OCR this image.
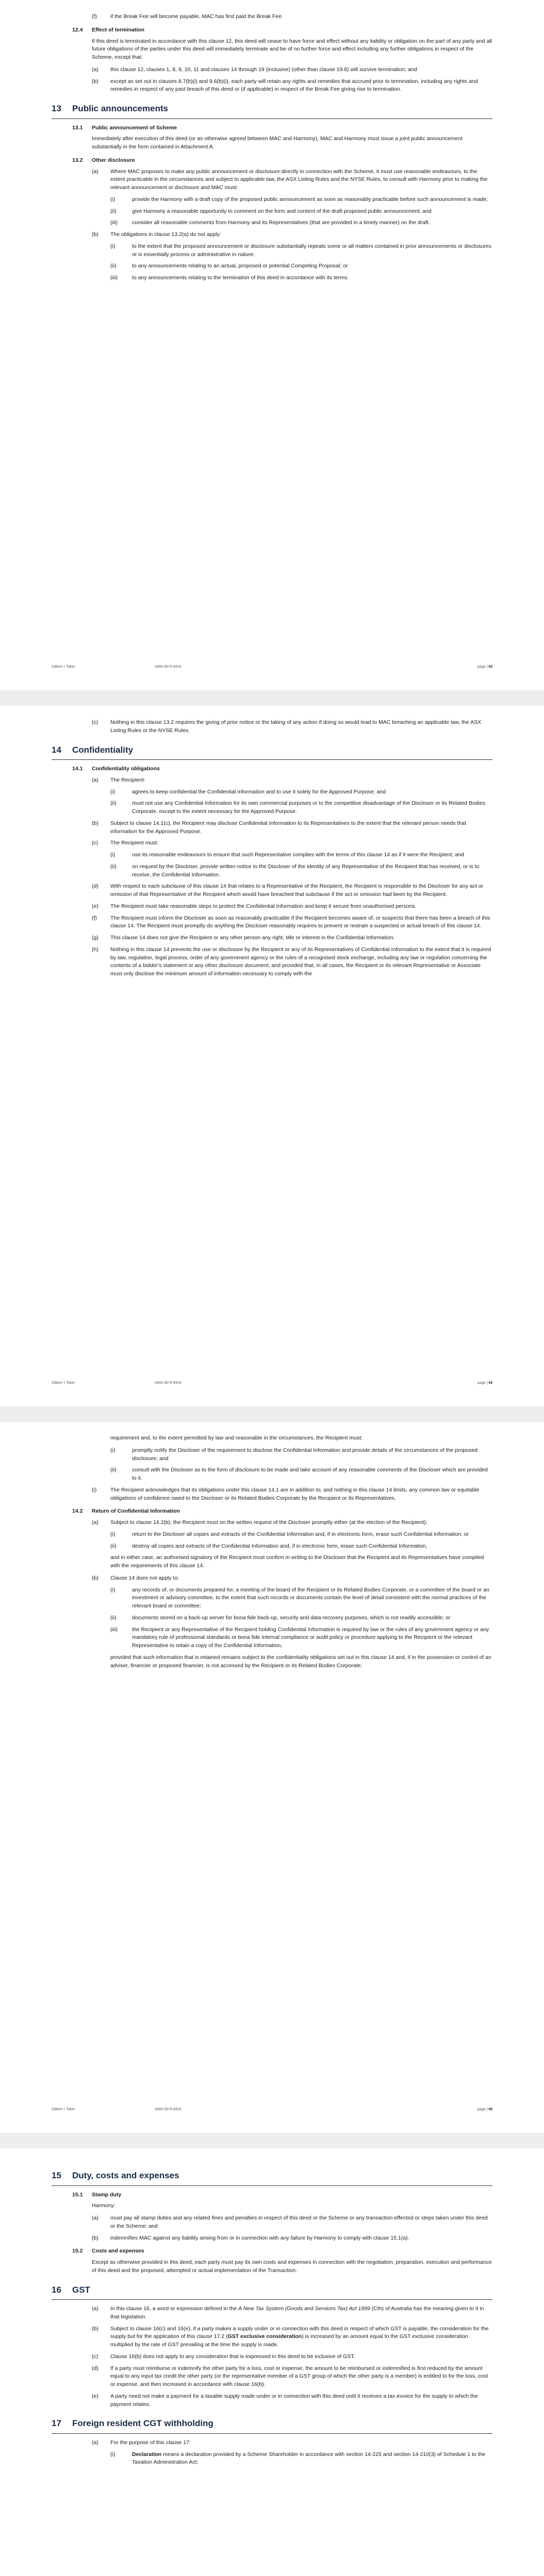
(f)	if the Break Fee will become payable, MAC has first paid the Break Fee.
12.4	Effect of termination
If this deed is terminated in accordance with this clause 12, this deed will cease to have force and effect without any liability or obligation on the part of any party and all future obligations of the parties under this deed will immediately terminate and be of no further force and effect including any further obligations in respect of the Scheme, except that:
(a)	this clause 12, clauses 1, 8, 9, 10, 11 and clauses 14 through 19 (inclusive) (other than clause 19.8) will survive termination; and
(b)	except as set out in clauses 8.7(b)(i) and 9.6(b)(i), each party will retain any rights and remedies that accrued prior to termination, including any rights and remedies in respect of any past breach of this deed or (if applicable) in respect of the Break Fee giving rise to termination.
13	Public announcements
13.1	Public announcement of Scheme
Immediately after execution of this deed (or as otherwise agreed between MAC and Harmony), MAC and Harmony must issue a joint public announcement substantially in the form contained in Attachment A.
13.2	Other disclosure
(a)	Where MAC proposes to make any public announcement or disclosure directly in connection with the Scheme, it must use reasonable endeavours, to the extent practicable in the circumstances and subject to applicable law, the ASX Listing Rules and the NYSE Rules, to consult with Harmony prior to making the relevant announcement or disclosure and MAC must:
(i)	provide the Harmony with a draft copy of the proposed public announcement as soon as reasonably practicable before such announcement is made;
(ii)	give Harmony a reasonable opportunity to comment on the form and content of the draft proposed public announcement; and
(iii)	consider all reasonable comments from Harmony and its Representatives (that are provided in a timely manner) on the draft.
(b)	The obligations in clause 13.2(a) do not apply:
(i)	to the extent that the proposed announcement or disclosure substantially repeats some or all matters contained in prior announcements or disclosures or is essentially process or administrative in nature;
(ii)	to any announcements relating to an actual, proposed or potential Competing Proposal; or
(iii)	to any announcements relating to the termination of this deed in accordance with its terms.
Gilbert + Tobin	3400-2879-4919	page | 43
(c)	Nothing in this clause 13.2 requires the giving of prior notice or the taking of any action if doing so would lead to MAC breaching an applicable law, the ASX Listing Rules or the NYSE Rules.
14	Confidentiality
14.1	Confidentiality obligations
(a)	The Recipient:
(i)	agrees to keep confidential the Confidential Information and to use it solely for the Approved Purpose; and
(ii)	must not use any Confidential Information for its own commercial purposes or to the competitive disadvantage of the Discloser or its Related Bodies Corporate, except to the extent necessary for the Approved Purpose.
(b)	Subject to clause 14.1(c), the Recipient may disclose Confidential Information to its Representatives to the extent that the relevant person needs that information for the Approved Purpose.
(c)	The Recipient must:
(i)	use its reasonable endeavours to ensure that such Representative complies with the terms of this clause 14 as if it were the Recipient; and
(ii)	on request by the Discloser, provide written notice to the Discloser of the identity of any Representative of the Recipient that has received, or is to receive, the Confidential Information.
(d)	With respect to each subclause of this clause 14 that relates to a Representative of the Recipient, the Recipient is responsible to the Discloser for any act or omission of that Representative of the Recipient which would have breached that subclause if the act or omission had been by the Recipient.
(e)	The Recipient must take reasonable steps to protect the Confidential Information and keep it secure from unauthorised persons.
(f)	The Recipient must inform the Discloser as soon as reasonably practicable if the Recipient becomes aware of, or suspects that there has been a breach of this clause 14. The Recipient must promptly do anything the Discloser reasonably requires to prevent or restrain a suspected or actual breach of this clause 14.
(g)	This clause 14 does not give the Recipient or any other person any right, title or interest in the Confidential Information.
(h)	Nothing in this clause 14 prevents the use or disclosure by the Recipient or any of its Representatives of Confidential Information to the extent that it is required by law, regulation, legal process, order of any government agency or the rules of a recognised stock exchange, including any law or regulation concerning the contents of a bidder's statement or any other disclosure document, and provided that, in all cases, the Recipient or its relevant Representative or Associate must only disclose the minimum amount of information necessary to comply with the
Gilbert + Tobin	3400-2879-4919	page | 44
requirement and, to the extent permitted by law and reasonable in the circumstances, the Recipient must:
(i)	promptly notify the Discloser of the requirement to disclose the Confidential Information and provide details of the circumstances of the proposed disclosure; and
(ii)	consult with the Discloser as to the form of disclosure to be made and take account of any reasonable comments of the Discloser which are provided to it.
(i)	The Recipient acknowledges that its obligations under this clause 14.1 are in addition to, and nothing in this clause 14 limits, any common law or equitable obligations of confidence owed to the Discloser or its Related Bodies Corporate by the Recipient or its Representatives.
14.2	Return of Confidential Information
(a)	Subject to clause 14.2(b), the Recipient must on the written request of the Discloser promptly either (at the election of the Recipient):
(i)	return to the Discloser all copies and extracts of the Confidential Information and, if in electronic form, erase such Confidential Information; or
(ii)	destroy all copies and extracts of the Confidential Information and, if in electronic form, erase such Confidential Information,
and in either case, an authorised signatory of the Recipient must confirm in writing to the Discloser that the Recipient and its Representatives have complied with the requirements of this clause 14.
(b)	Clause 14 does not apply to:
(i)	any records of, or documents prepared for, a meeting of the board of the Recipient or its Related Bodies Corporate, or a committee of the board or an investment or advisory committee, to the extent that such records or documents contain the level of detail consistent with the normal practices of the relevant board or committee;
(ii)	documents stored on a back-up server for bona fide back-up, security and data recovery purposes, which is not readily accessible; or
(iii)	the Recipient or any Representative of the Recipient holding Confidential Information is required by law or the rules of any government agency or any mandatory rule of professional standards or bona fide internal compliance or audit policy or procedure applying to the Recipient or the relevant Representative to retain a copy of the Confidential Information,
provided that such information that is retained remains subject to the confidentiality obligations set out in this clause 14 and, if in the possession or control of an adviser, financier or proposed financier, is not accessed by the Recipient or its Related Bodies Corporate.
Gilbert + Tobin	3400-2879-4919	page | 45
15	Duty, costs and expenses
15.1	Stamp duty
Harmony:
(a)	must pay all stamp duties and any related fines and penalties in respect of this deed or the Scheme or any transaction effected or steps taken under this deed or the Scheme; and
(b)	indemnifies MAC against any liability arising from or in connection with any failure by Harmony to comply with clause 15.1(a).
15.2	Costs and expenses
Except as otherwise provided in this deed, each party must pay its own costs and expenses in connection with the negotiation, preparation, execution and performance of this deed and the proposed, attempted or actual implementation of the Transaction.
16	GST
(a)	In this clause 16, a word or expression defined in the A New Tax System (Goods and Services Tax) Act 1999 (Cth) of Australia has the meaning given to it in that legislation.
(b)	Subject to clause 16(c) and 16(e), if a party makes a supply under or in connection with this deed in respect of which GST is payable, the consideration for the supply but for the application of this clause 17.2 (GST exclusive consideration) is increased by an amount equal to the GST exclusive consideration multiplied by the rate of GST prevailing at the time the supply is made.
(c)	Clause 16(b) does not apply to any consideration that is expressed in this deed to be inclusive of GST.
(d)	If a party must reimburse or indemnify the other party for a loss, cost or expense, the amount to be reimbursed or indemnified is first reduced by the amount equal to any input tax credit the other party (or the representative member of a GST group of which the other party is a member) is entitled to for the loss, cost or expense, and then increased in accordance with clause 16(b).
(e)	A party need not make a payment for a taxable supply made under or in connection with this deed until it receives a tax invoice for the supply to which the payment relates.
17	Foreign resident CGT withholding
(a)	For the purpose of this clause 17:
(i)	Declaration means a declaration provided by a Scheme Shareholder in accordance with section 14-225 and section 14-210(3) of Schedule 1 to the Taxation Administration Act;
